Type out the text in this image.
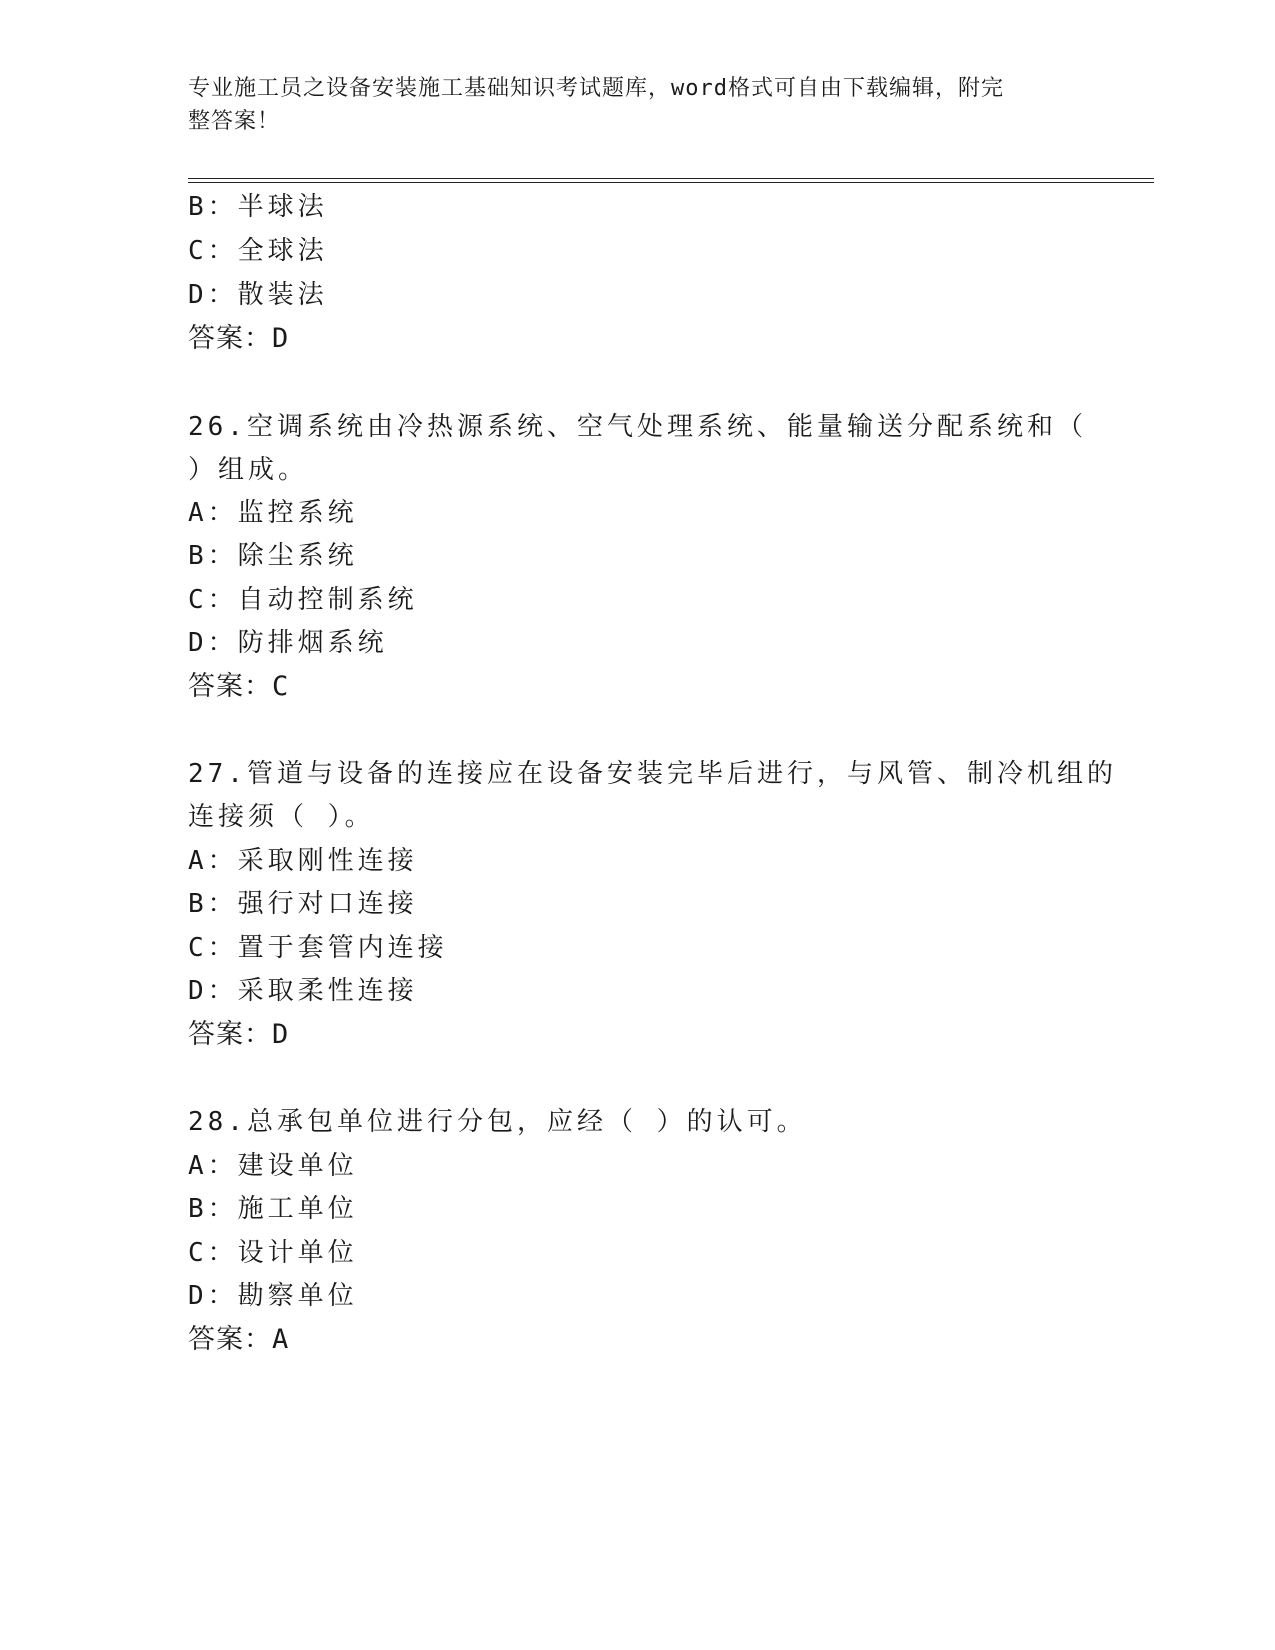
专业施工员之设备安装施工基础知识考试题库，word格式可自由下载编辑，附完
整答案！
B：半球法
C：全球法
D：散装法
答案：D
26.空调系统由冷热源系统、空气处理系统、能量输送分配系统和（
）组成。
A：监控系统
B：除尘系统
C：自动控制系统
D：防排烟系统
答案：C
27.管道与设备的连接应在设备安装完毕后进行，与风管、制冷机组的
连接须（ ）。
A：采取刚性连接
B：强行对口连接
C：置于套管内连接
D：采取柔性连接
答案：D
28.总承包单位进行分包，应经（ ）的认可。
A：建设单位
B：施工单位
C：设计单位
D：勘察单位
答案：A
